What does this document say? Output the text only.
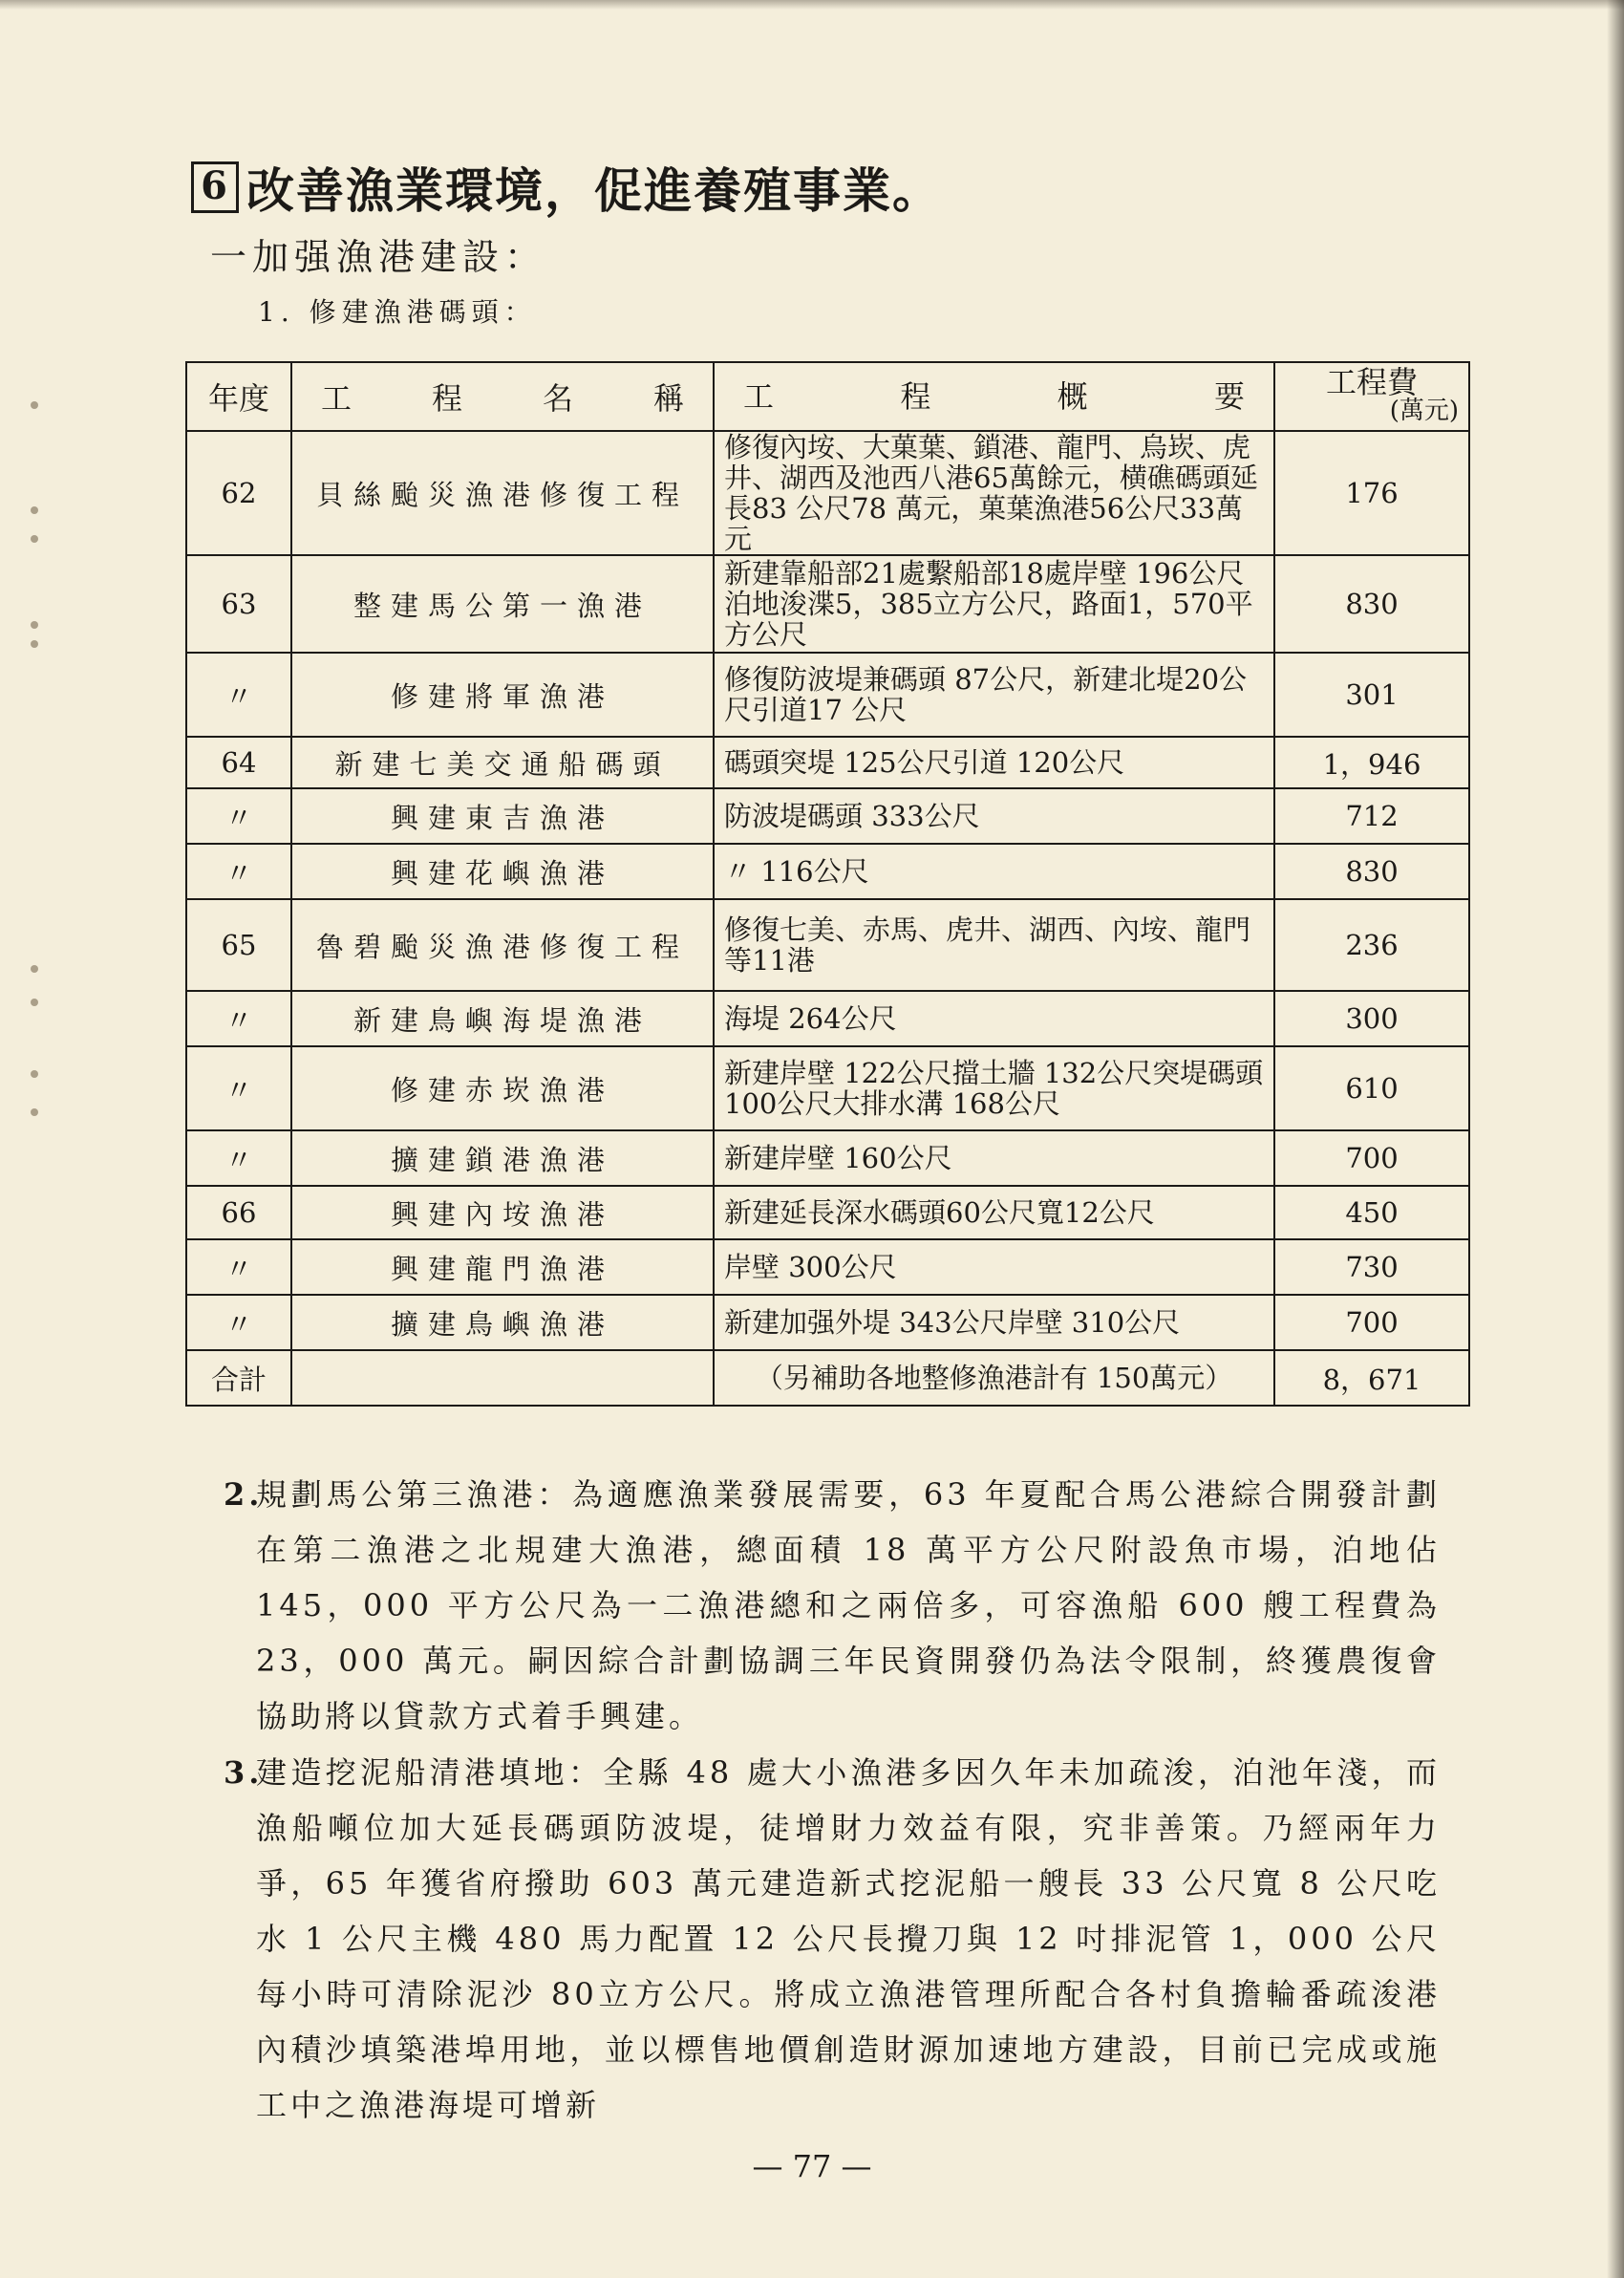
6 改善漁業環境，促進養殖事業。
一加强漁港建設：
1. 修建漁港碼頭：
年度	工 程 名 稱	工 程 概 要	工程費
(萬元)

62	貝絲颱災漁港修復工程	修復內垵、大菓葉、鎖港、龍門、烏崁、虎井、湖西及池西八港65萬餘元，横礁碼頭延長83 公尺78 萬元，菓葉漁港56公尺33萬元	176
63	整建馬公第一漁港	新建靠船部21處繫船部18處岸壁 196公尺泊地浚渫5，385立方公尺，路面1，570平方公尺	830
〃	修建將軍漁港	修復防波堤兼碼頭 87公尺，新建北堤20公尺引道17 公尺	301
64	新建七美交通船碼頭	碼頭突堤 125公尺引道 120公尺	1，946
〃	興建東吉漁港	防波堤碼頭 333公尺	712
〃	興建花嶼漁港	〃 116公尺	830
65	魯碧颱災漁港修復工程	修復七美、赤馬、虎井、湖西、內垵、龍門等11港	236
〃	新建鳥嶼海堤漁港	海堤 264公尺	300
〃	修建赤崁漁港	新建岸壁 122公尺擋土牆 132公尺突堤碼頭 100公尺大排水溝 168公尺	610
〃	擴建鎖港漁港	新建岸壁 160公尺	700
66	興建內垵漁港	新建延長深水碼頭60公尺寬12公尺	450
〃	興建龍門漁港	岸壁 300公尺	730
〃	擴建鳥嶼漁港	新建加强外堤 343公尺岸壁 310公尺	700
合計		（另補助各地整修漁港計有 150萬元）	8，671
2.
規劃馬公第三漁港：為適應漁業發展需要，63 年夏配合馬公港綜合開發計劃在第二漁港之北規建大漁港，總面積 18 萬平方公尺附設魚市場，泊地佔 145，000 平方公尺為一二漁港總和之兩倍多，可容漁船 600 艘工程費為 23，000 萬元。嗣因綜合計劃協調三年民資開發仍為法令限制，終獲農復會協助將以貸款方式着手興建。
3.
建造挖泥船清港填地：全縣 48 處大小漁港多因久年未加疏浚，泊池年淺，而漁船噸位加大延長碼頭防波堤，徒增財力效益有限，究非善策。乃經兩年力爭，65 年獲省府撥助 603 萬元建造新式挖泥船一艘長 33 公尺寬 8 公尺吃水 1 公尺主機 480 馬力配置 12 公尺長攪刀與 12 吋排泥管 1，000 公尺每小時可清除泥沙 80立方公尺。將成立漁港管理所配合各村負擔輪番疏浚港內積沙填築港埠用地，並以標售地價創造財源加速地方建設，目前已完成或施工中之漁港海堤可增新
— 77 —
